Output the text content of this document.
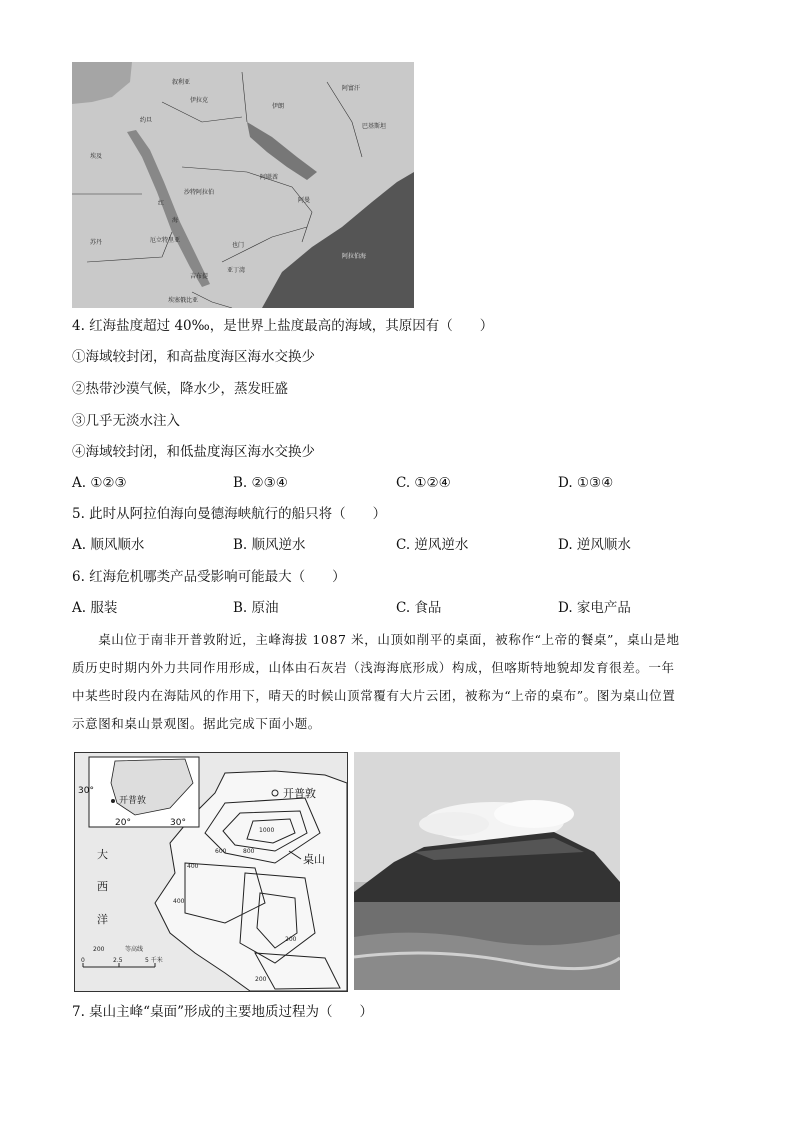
叙利亚
伊拉克
伊朗
阿富汗
巴基斯坦
约旦
埃及
沙特阿拉伯
阿联酋
阿曼
苏丹	厄立特里亚
也门
吉布提
埃塞俄比亚
阿拉伯海
红
海
亚丁湾
4. 红海盐度超过 40‰，是世界上盐度最高的海域，其原因有（　　）
①海域较封闭，和高盐度海区海水交换少
②热带沙漠气候，降水少，蒸发旺盛
③几乎无淡水注入
④海域较封闭，和低盐度海区海水交换少
A. ①②③	B. ②③④	C. ①②④	D. ①③④
5. 此时从阿拉伯海向曼德海峡航行的船只将（　　）
A. 顺风顺水	B. 顺风逆水	C. 逆风逆水	D. 逆风顺水
6. 红海危机哪类产品受影响可能最大（　　）
A. 服装	B. 原油	C. 食品	D. 家电产品
　　桌山位于南非开普敦附近，主峰海拔 1087 米，山顶如削平的桌面，被称作“上帝的餐桌”，桌山是地
质历史时期内外力共同作用形成，山体由石灰岩（浅海海底形成）构成，但喀斯特地貌却发育很差。一年
中某些时段内在海陆风的作用下，晴天的时候山顶常覆有大片云团，被称为“上帝的桌布”。图为桌山位置
示意图和桌山景观图。据此完成下面小题。
开普敦
30°
20°	30°
开普敦
桌山
大
西
洋
1000
600	800
400
400
200
200
200
等高线
0	2.5	5 千米
7. 桌山主峰“桌面”形成的主要地质过程为（　　）
